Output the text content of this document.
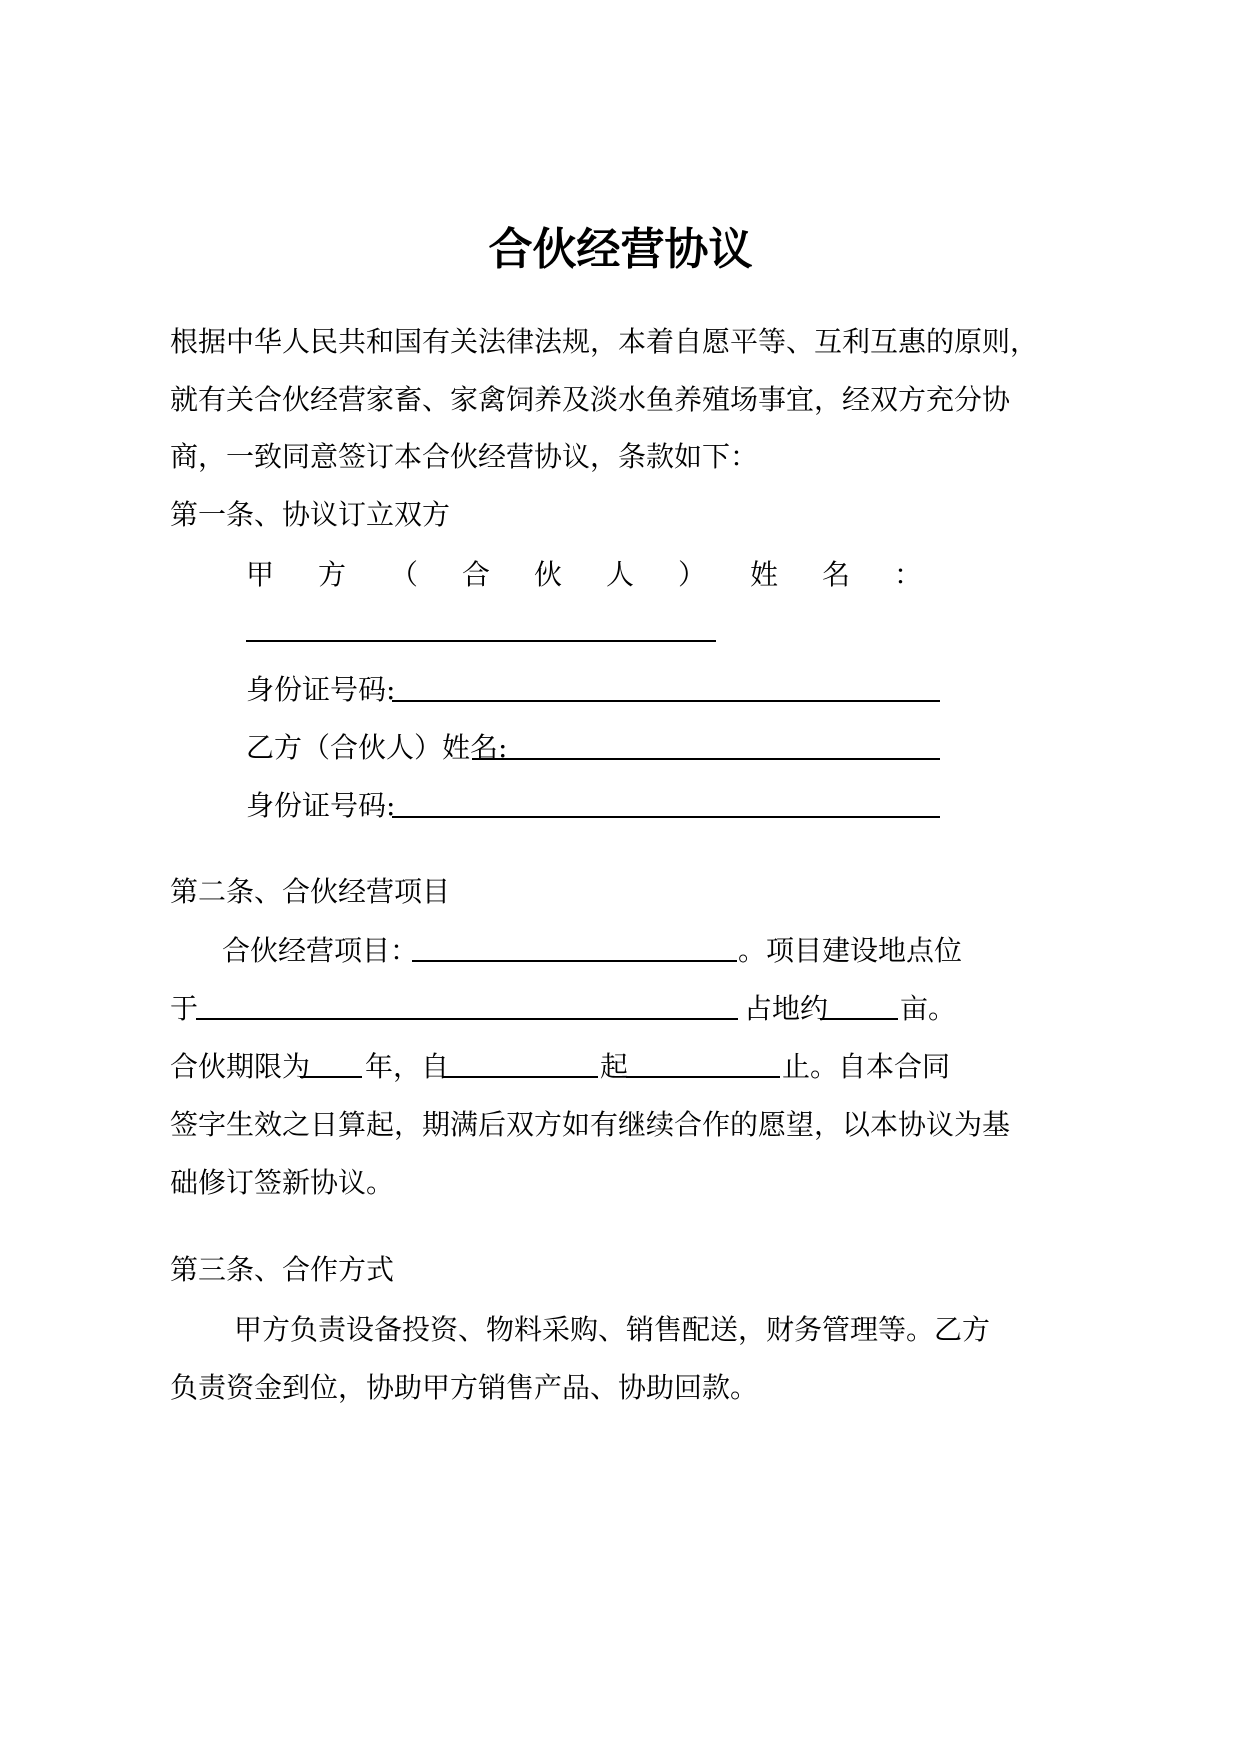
合伙经营协议
根据中华人民共和国有关法律法规，本着自愿平等、互利互惠的原则，
就有关合伙经营家畜、家禽饲养及淡水鱼养殖场事宜，经双方充分协
商，一致同意签订本合伙经营协议，条款如下：
第一条、协议订立双方
甲方（合伙人）姓名：
身份证号码:
乙方（合伙人）姓名:
身份证号码:
第二条、合伙经营项目
合伙经营项目：	。项目建设地点位
于	占地约	亩。
合伙期限为 年，自	起	止。自本合同
签字生效之日算起，期满后双方如有继续合作的愿望，以本协议为基
础修订签新协议。
第三条、合作方式
甲方负责设备投资、物料采购、销售配送，财务管理等。乙方
负责资金到位，协助甲方销售产品、协助回款。
